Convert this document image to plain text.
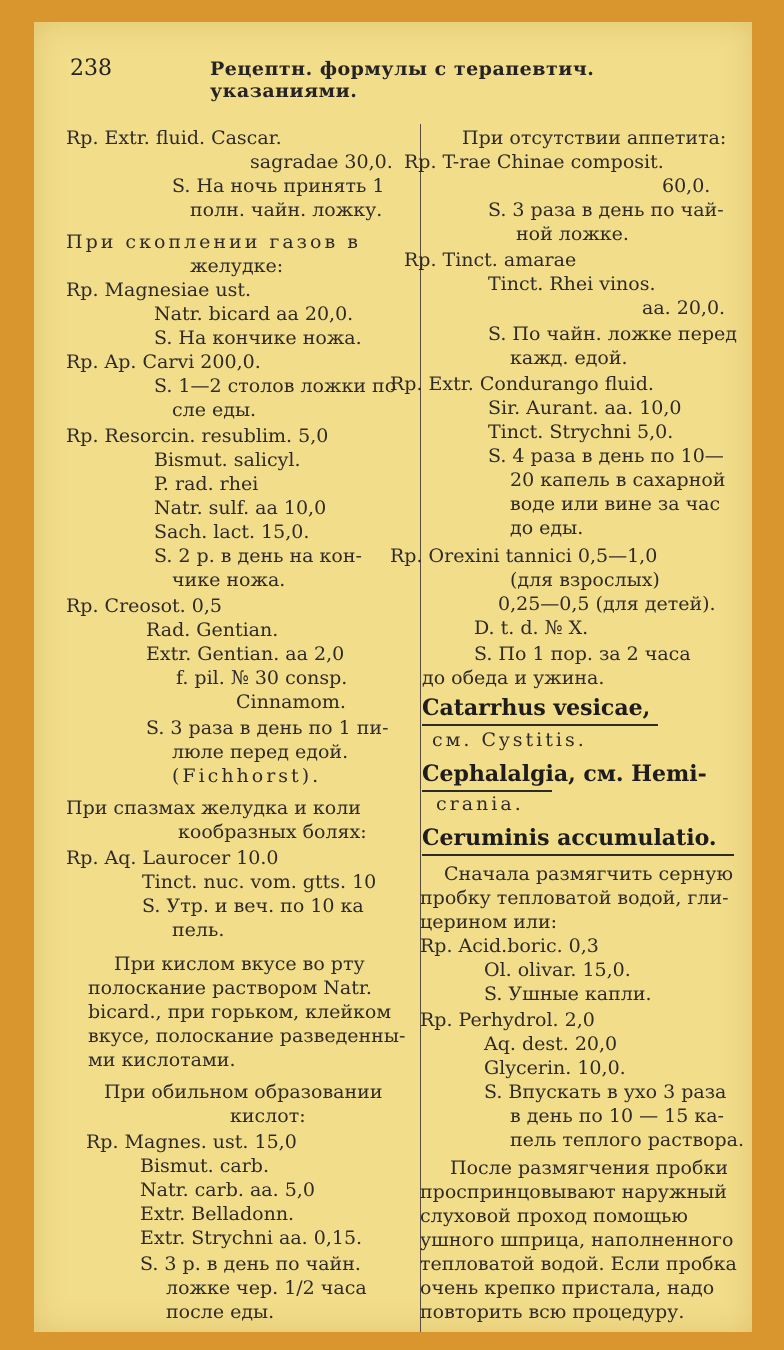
238	Рецептн. формулы с терапевтич. указаниями.
Rp. Extr. fluid. Cascar.
sagradae 30,0.
S. На ночь принять 1
полн. чайн. ложку.
При скоплении газов в
желудке:
Rp. Magnesiae ust.
Natr. bicard aa 20,0.
S. На кончике ножа.
Rp. Ap. Carvi 200,0.
S. 1—2 столов ложки по
сле еды.
Rp. Resorcin. resublim. 5,0
Bismut. salicyl.
P. rad. rhei
Natr. sulf. aa 10,0
Sach. lact. 15,0.
S. 2 р. в день на кон-
чике ножа.
Rp. Creosot. 0,5
Rad. Gentian.
Extr. Gentian. aa 2,0
f. pil. № 30 consp.
Cinnamom.
S. 3 раза в день по 1 пи-
люле перед едой.
(Fichhorst).
При спазмах желудка и коли
кообразных болях:
Rp. Aq. Laurocer 10.0
Tinct. nuc. vom. gtts. 10
S. Утр. и веч. по 10 ка
пель.
При кислом вкусе во рту
полоскание раствором Natr.
bicard., при горьком, клейком
вкусе, полоскание разведенны-
ми кислотами.
При обильном образовании
кислот:
Rp. Magnes. ust. 15,0
Bismut. carb.
Natr. carb. aa. 5,0
Extr. Belladonn.
Extr. Strychni aa. 0,15.
S. 3 р. в день по чайн.
ложке чер. 1/2 часа
после еды.
При отсутствии аппетита:
Rp. T-rae Chinae composit.
60,0.
S. 3 раза в день по чай-
ной ложке.
Rp. Tinct. amarae
Tinct. Rhei vinos.
aa. 20,0.
S. По чайн. ложке перед
кажд. едой.
Rp. Extr. Condurango fluid.
Sir. Aurant. aa. 10,0
Tinct. Strychni 5,0.
S. 4 раза в день по 10—
20 капель в сахарной
воде или вине за час
до еды.
Rp. Orexini tannici 0,5—1,0
(для взрослых)
0,25—0,5 (для детей).
D. t. d. № X.
S. По 1 пор. за 2 часа
до обеда и ужина.
Catarrhus vesicae,
см. Cystitis.
Cephalalgia, см. Hemi-
crania.
Ceruminis accumulatio.
Сначала размягчить серную
пробку тепловатой водой, гли-
церином или:
Rp. Acid.boric. 0,3
Ol. olivar. 15,0.
S. Ушные капли.
Rp. Perhydrol. 2,0
Aq. dest. 20,0
Glycerin. 10,0.
S. Впускать в ухо 3 раза
в день по 10 — 15 ка-
пель теплого раствора.
После размягчения пробки
проспринцовывают наружный
слуховой проход помощью
ушного шприца, наполненного
тепловатой водой. Если пробка
очень крепко пристала, надо
повторить всю процедуру.
